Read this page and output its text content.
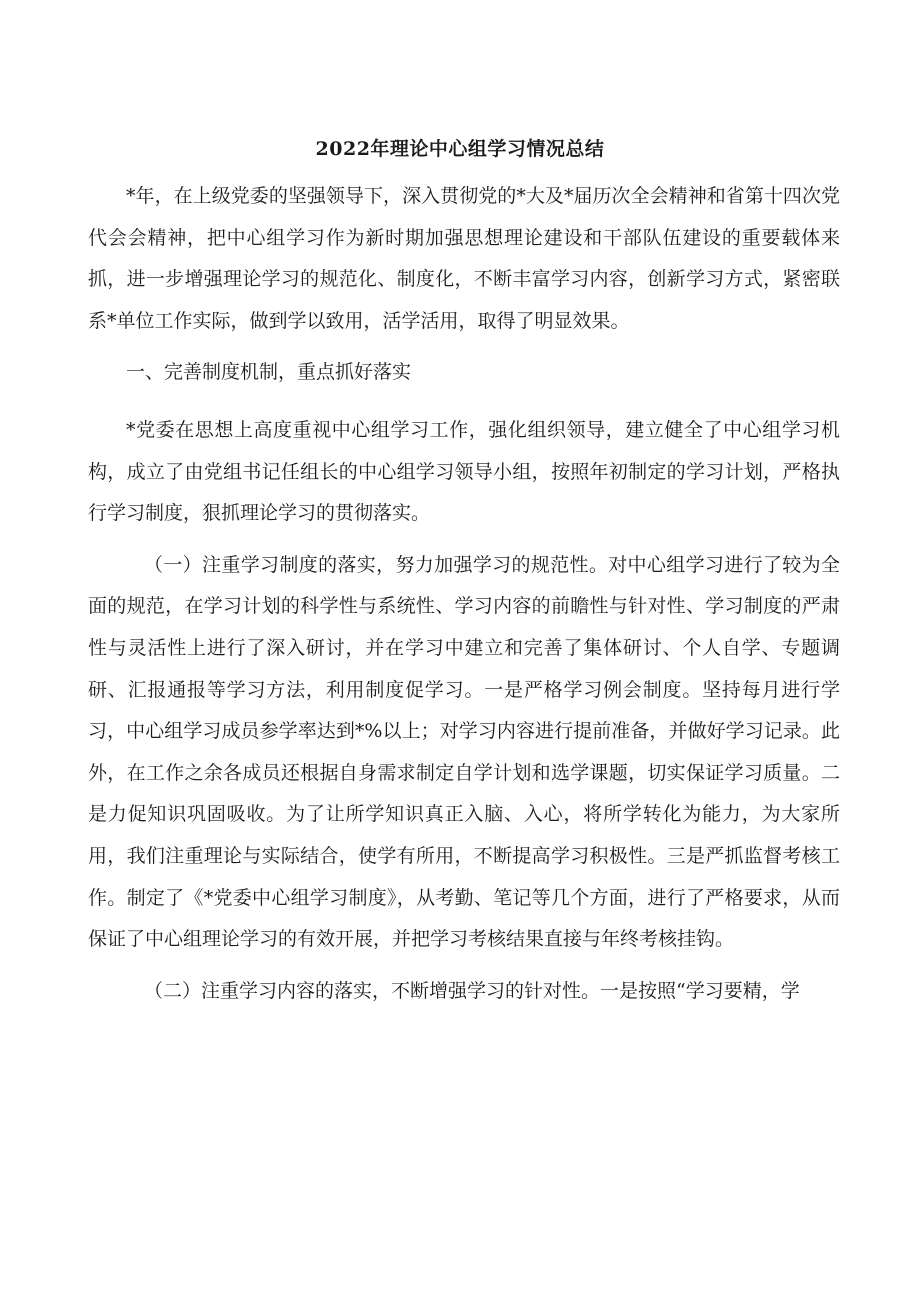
2022年理论中心组学习情况总结

*年，在上级党委的坚强领导下，深入贯彻党的*大及*届历次全会精神和省第十四次党代会会精神，把中心组学习作为新时期加强思想理论建设和干部队伍建设的重要载体来抓，进一步增强理论学习的规范化、制度化，不断丰富学习内容，创新学习方式，紧密联系*单位工作实际，做到学以致用，活学活用，取得了明显效果。

一、完善制度机制，重点抓好落实

*党委在思想上高度重视中心组学习工作，强化组织领导，建立健全了中心组学习机构，成立了由党组书记任组长的中心组学习领导小组，按照年初制定的学习计划，严格执行学习制度，狠抓理论学习的贯彻落实。

（一）注重学习制度的落实，努力加强学习的规范性。对中心组学习进行了较为全面的规范，在学习计划的科学性与系统性、学习内容的前瞻性与针对性、学习制度的严肃性与灵活性上进行了深入研讨，并在学习中建立和完善了集体研讨、个人自学、专题调研、汇报通报等学习方法，利用制度促学习。一是严格学习例会制度。坚持每月进行学习，中心组学习成员参学率达到*%以上；对学习内容进行提前准备，并做好学习记录。此外，在工作之余各成员还根据自身需求制定自学计划和选学课题，切实保证学习质量。二是力促知识巩固吸收。为了让所学知识真正入脑、入心，将所学转化为能力，为大家所用，我们注重理论与实际结合，使学有所用，不断提高学习积极性。三是严抓监督考核工作。制定了《*党委中心组学习制度》，从考勤、笔记等几个方面，进行了严格要求，从而保证了中心组理论学习的有效开展，并把学习考核结果直接与年终考核挂钩。

（二）注重学习内容的落实，不断增强学习的针对性。一是按照“学习要精，学
